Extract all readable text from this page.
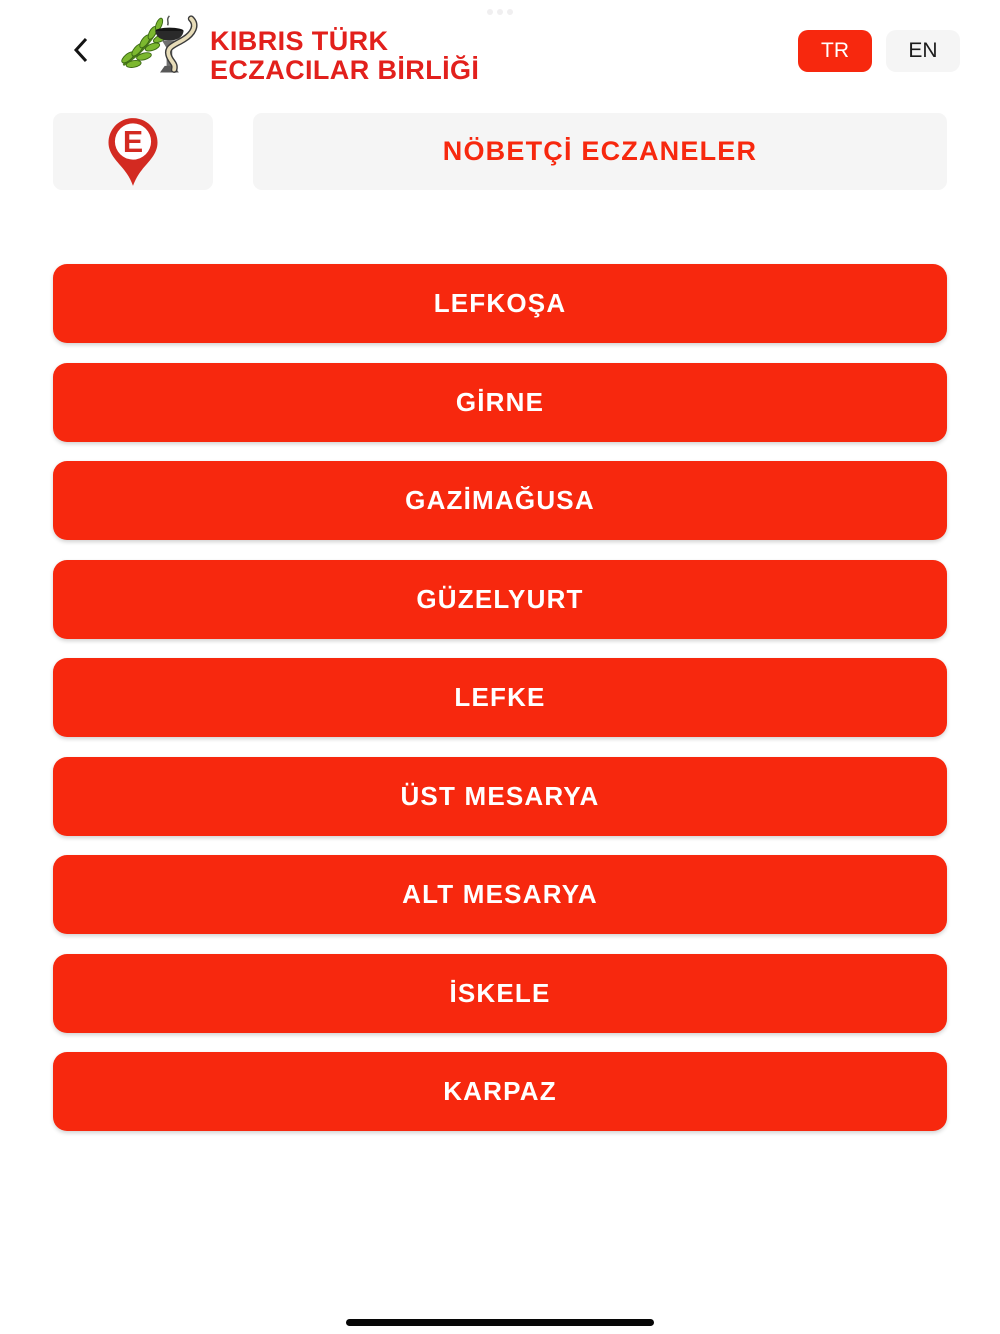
KIBRIS TÜRK
ECZACILAR BİRLİĞİ
TR	EN
E	NÖBETÇİ ECZANELER
LEFKOŞA
GİRNE
GAZİMAĞUSA
GÜZELYURT
LEFKE
ÜST MESARYA
ALT MESARYA
İSKELE
KARPAZ
